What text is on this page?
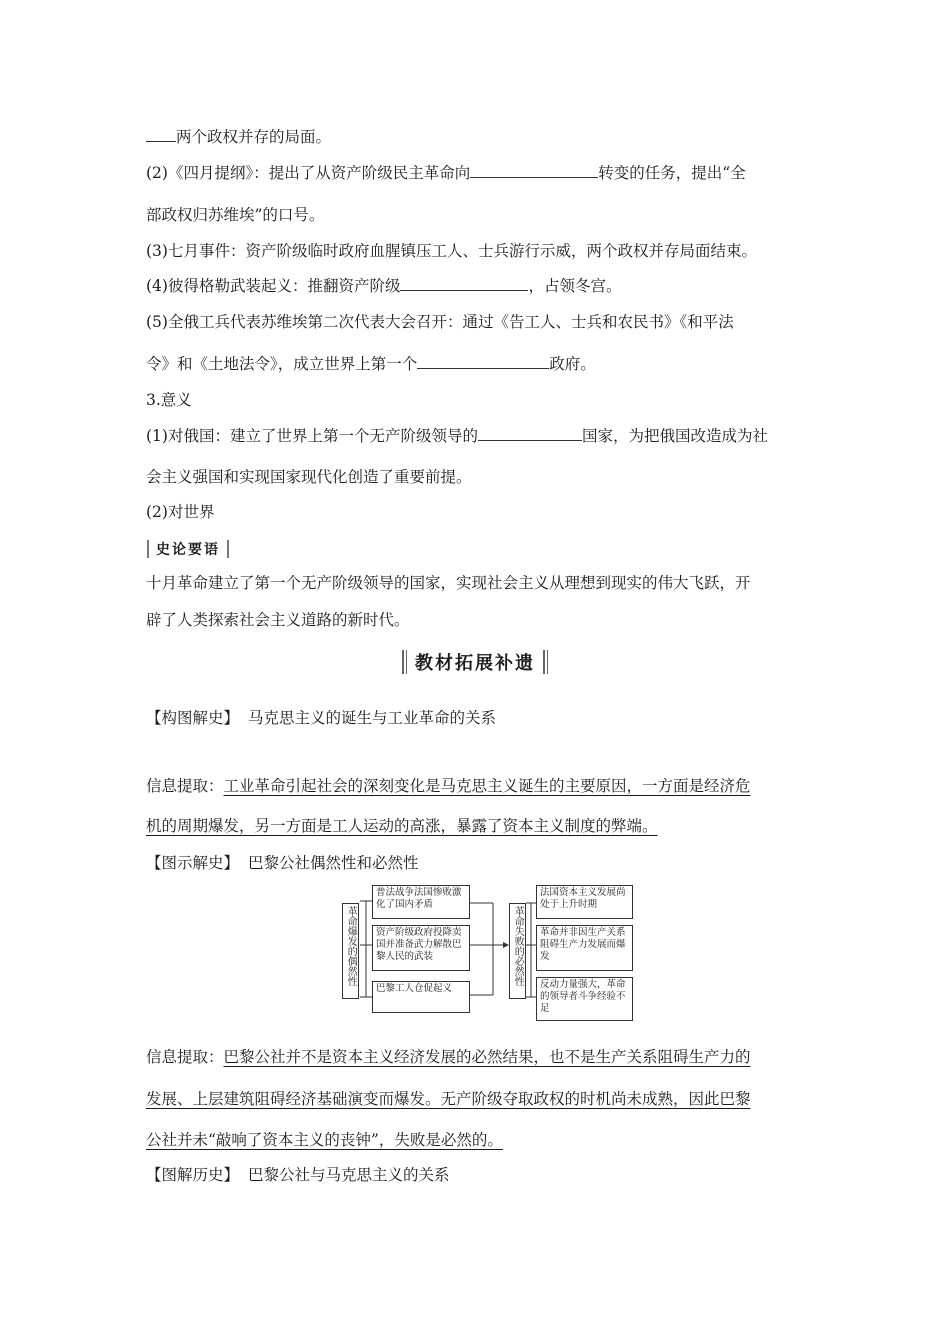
两个政权并存的局面。
(2)《四月提纲》：提出了从资产阶级民主革命向	转变的任务，提出“全
部政权归苏维埃”的口号。
(3)七月事件：资产阶级临时政府血腥镇压工人、士兵游行示威，两个政权并存局面结束。
(4)彼得格勒武装起义：推翻资产阶级	，占领冬宫。
(5)全俄工兵代表苏维埃第二次代表大会召开：通过《告工人、士兵和农民书》《和平法
令》和《土地法令》，成立世界上第一个	政府。
3.意义
(1)对俄国：建立了世界上第一个无产阶级领导的	国家，为把俄国改造成为社
会主义强国和实现国家现代化创造了重要前提。
(2)对世界
史论要语
十月革命建立了第一个无产阶级领导的国家，实现社会主义从理想到现实的伟大飞跃，开
辟了人类探索社会主义道路的新时代。
教材拓展补遗
【构图解史】 马克思主义的诞生与工业革命的关系
信息提取：工业革命引起社会的深刻变化是马克思主义诞生的主要原因，一方面是经济危
机的周期爆发，另一方面是工人运动的高涨，暴露了资本主义制度的弊端。
【图示解史】 巴黎公社偶然性和必然性
革命爆发的偶然性
普法战争法国惨败激化了国内矛盾
资产阶级政府投降卖国并准备武力解散巴黎人民的武装
巴黎工人仓促起义
革命失败的必然性
法国资本主义发展尚处于上升时期
革命并非因生产关系阻碍生产力发展而爆发
反动力量强大，革命的领导者斗争经验不足
信息提取：巴黎公社并不是资本主义经济发展的必然结果，也不是生产关系阻碍生产力的
发展、上层建筑阻碍经济基础演变而爆发。无产阶级夺取政权的时机尚未成熟，因此巴黎
公社并未“敲响了资本主义的丧钟”，失败是必然的。
【图解历史】 巴黎公社与马克思主义的关系
